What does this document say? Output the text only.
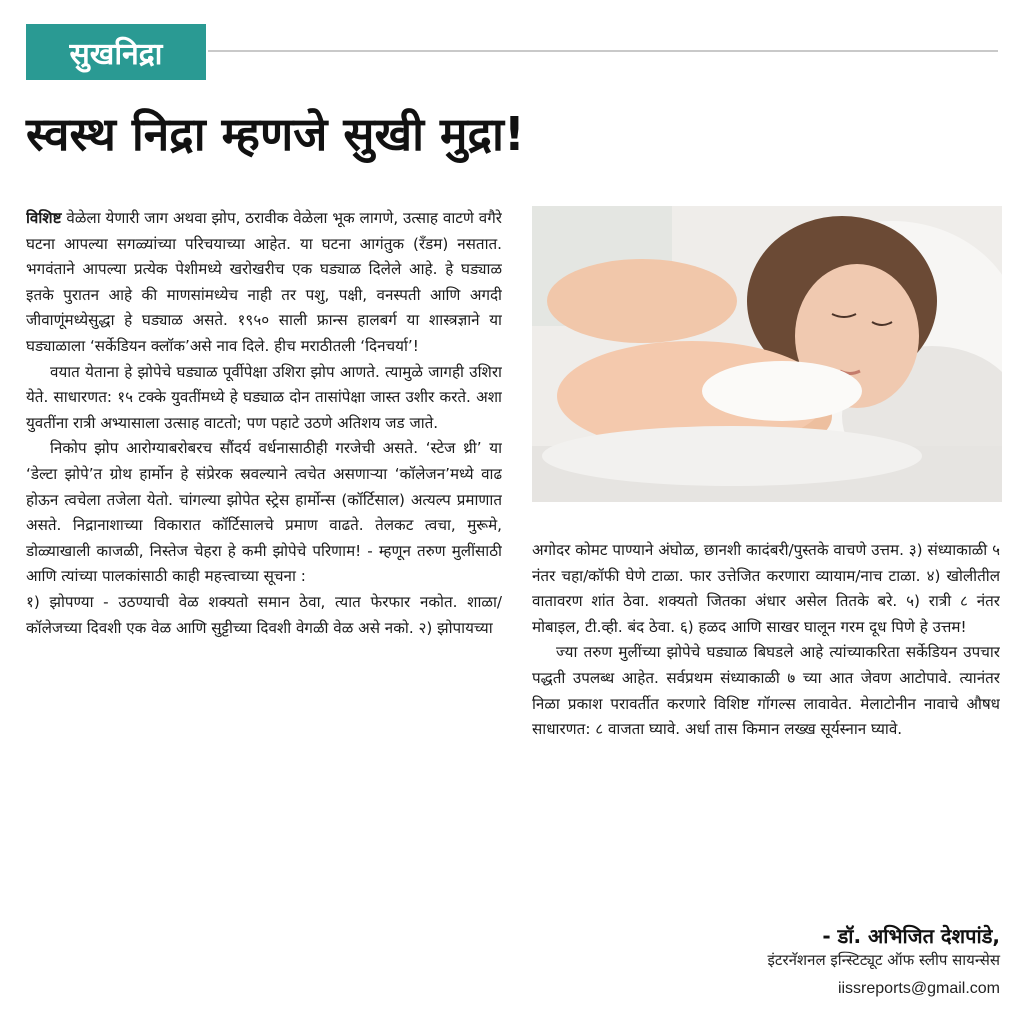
सुखनिद्रा
स्वस्थ निद्रा म्हणजे सुखी मुद्रा!

विशिष्ट वेळेला येणारी जाग अथवा झोप, ठरावीक वेळेला भूक लागणे, उत्साह वाटणे वगैरे घटना आपल्या सगळ्यांच्या परिचयाच्या आहेत. या घटना आगंतुक (रँडम) नसतात. भगवंताने आपल्या प्रत्येक पेशीमध्ये खरोखरीच एक घड्याळ दिलेले आहे. हे घड्याळ इतके पुरातन आहे की माणसांमध्येच नाही तर पशु, पक्षी, वनस्पती आणि अगदी जीवाणूंमध्येसुद्धा हे घड्याळ असते. १९५० साली फ्रान्स हालबर्ग या शास्त्रज्ञाने या घड्याळाला ‘सर्केडियन क्लॉक’असे नाव दिले. हीच मराठीतली ‘दिनचर्या’!

वयात येताना हे झोपेचे घड्याळ पूर्वीपेक्षा उशिरा झोप आणते. त्यामुळे जागही उशिरा येते. साधारणत: १५ टक्के युवतींमध्ये हे घड्याळ दोन तासांपेक्षा जास्त उशीर करते. अशा युवतींना रात्री अभ्यासाला उत्साह वाटतो; पण पहाटे उठणे अतिशय जड जाते.

निकोप झोप आरोग्याबरोबरच सौंदर्य वर्धनासाठीही गरजेची असते. ‘स्टेज थ्री’ या ‘डेल्टा झोपे’त ग्रोथ हार्मोन हे संप्रेरक स्रवल्याने त्वचेत असणाऱ्या ‘कॉलेजन’मध्ये वाढ होऊन त्वचेला तजेला येतो. चांगल्या झोपेत स्ट्रेस हार्मोन्स (कॉर्टिसाल) अत्यल्प प्रमाणात असते. निद्रानाशाच्या विकारात कॉर्टिसालचे प्रमाण वाढते. तेलकट त्वचा, मुरूमे, डोळ्याखाली काजळी, निस्तेज चेहरा हे कमी झोपेचे परिणाम! - म्हणून तरुण मुलींसाठी आणि त्यांच्या पालकांसाठी काही महत्त्वाच्या सूचना :

१) झोपण्या - उठण्याची वेळ शक्यतो समान ठेवा, त्यात फेरफार नकोत. शाळा/कॉलेजच्या दिवशी एक वेळ आणि सुट्टीच्या दिवशी वेगळी वेळ असे नको. २) झोपायच्या

अगोदर कोमट पाण्याने अंघोळ, छानशी कादंबरी/पुस्तके वाचणे उत्तम. ३) संध्याकाळी ५ नंतर चहा/कॉफी घेणे टाळा. फार उत्तेजित करणारा व्यायाम/नाच टाळा. ४) खोलीतील वातावरण शांत ठेवा. शक्यतो जितका अंधार असेल तितके बरे. ५) रात्री ८ नंतर मोबाइल, टी.व्ही. बंद ठेवा. ६) हळद आणि साखर घालून गरम दूध पिणे हे उत्तम!

ज्या तरुण मुलींच्या झोपेचे घड्याळ बिघडले आहे त्यांच्याकरिता सर्केडियन उपचार पद्धती उपलब्ध आहेत. सर्वप्रथम संध्याकाळी ७ च्या आत जेवण आटोपावे. त्यानंतर निळा प्रकाश परावर्तीत करणारे विशिष्ट गॉगल्स लावावेत. मेलाटोनीन नावाचे औषध साधारणत: ८ वाजता घ्यावे. अर्धा तास किमान लख्ख सूर्यस्नान घ्यावे.

- डॉ. अभिजित देशपांडे,
इंटरनॅशनल इन्स्टिट्यूट ऑफ स्लीप सायन्सेस
iissreports@gmail.com
